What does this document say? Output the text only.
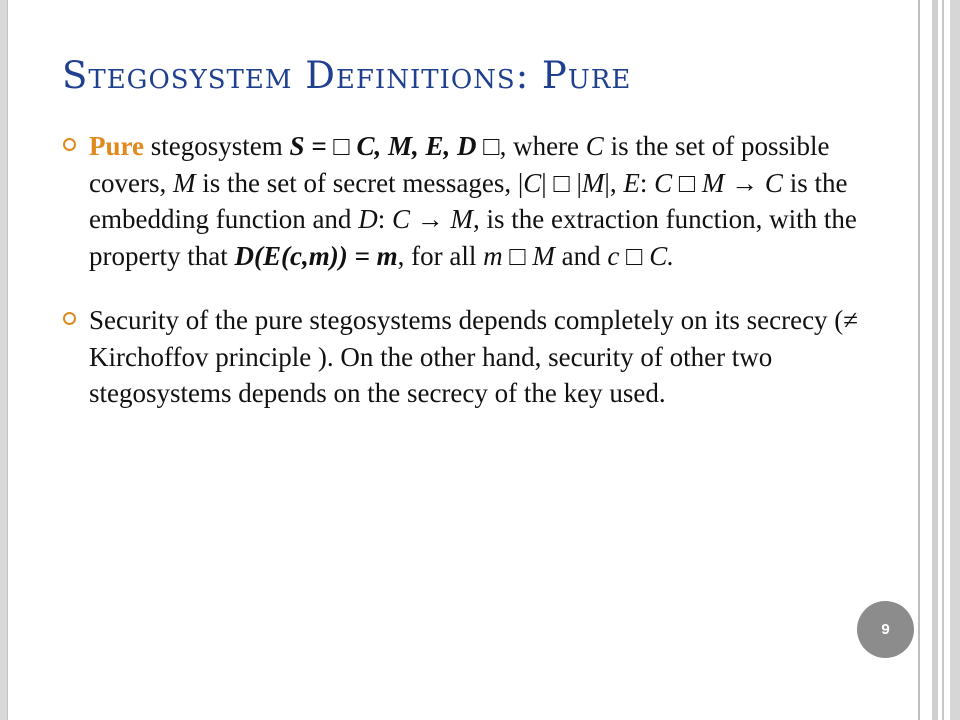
Stegosystem Definitions: Pure
Pure stegosystem S = □ C, M, E, D □, where C is the set of possible covers, M is the set of secret messages, |C| □ |M|, E: C □ M → C is the embedding function and D: C → M, is the extraction function, with the property that D(E(c,m)) = m, for all m □ M and c □ C.
Security of the pure stegosystems depends completely on its secrecy (≠ Kirchoffov principle ). On the other hand, security of other two stegosystems depends on the secrecy of the key used.
9
